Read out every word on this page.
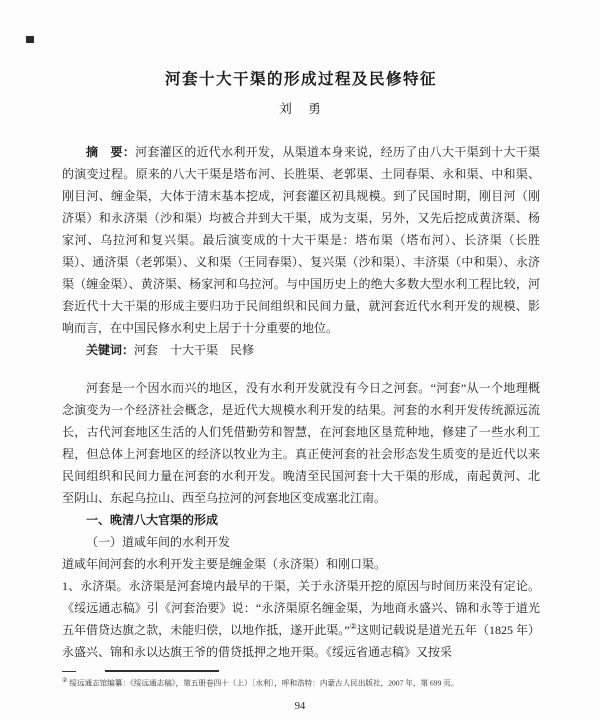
河套十大干渠的形成过程及民修特征
刘　勇

摘　要：河套灌区的近代水利开发，从渠道本身来说，经历了由八大干渠到十大干渠的演变过程。原来的八大干渠是塔布河、长胜渠、老郭渠、土同春渠、永和渠、中和渠、刚目河、缠金渠，大体于清末基本挖成，河套灌区初具规模。到了民国时期，刚目河（刚济渠）和永济渠（沙和渠）均被合并到大干渠，成为支渠，另外，又先后挖成黄济渠、杨家河、乌拉河和复兴渠。最后演变成的十大干渠是：塔布渠（塔布河）、长济渠（长胜渠）、通济渠（老郭渠）、义和渠（王同春渠）、复兴渠（沙和渠）、丰济渠（中和渠）、永济渠（缠金渠）、黄济渠、杨家河和乌拉河。与中国历史上的绝大多数大型水利工程比较，河套近代十大干渠的形成主要归功于民间组织和民间力量，就河套近代水利开发的规模、影响而言，在中国民修水利史上居于十分重要的地位。

关键词：河套　十大干渠　民修

河套是一个因水而兴的地区，没有水利开发就没有今日之河套。“河套”从一个地理概念演变为一个经济社会概念，是近代大规模水利开发的结果。河套的水利开发传统源远流长，古代河套地区生活的人们凭借勤劳和智慧，在河套地区垦荒种地，修建了一些水利工程，但总体上河套地区的经济以牧业为主。真正使河套的社会形态发生质变的是近代以来民间组织和民间力量在河套的水利开发。晚清至民国河套十大干渠的形成，南起黄河、北至阴山、东起乌拉山、西至乌拉河的河套地区变成塞北江南。

一、晚清八大官渠的形成

（一）道咸年间的水利开发

道咸年间河套的水利开发主要是缠金渠（永济渠）和刚口渠。

1、永济渠。永济渠是河套境内最早的干渠，关于永济渠开挖的原因与时间历来没有定论。《绥远通志稿》引《河套治要》说：“永济渠原名缠金渠，为地商永盛兴、锦和永等于道光五年借贷达旗之款，未能归偿，以地作抵，遂开此渠。”②这则记载说是道光五年（1825 年）永盛兴、锦和永以达旗王爷的借贷抵押之地开渠。《绥远省通志稿》又按采

② 绥远通志馆编纂：《绥远通志稿》，第五册卷四十（上）〔水利〕，呼和浩特：内蒙古人民出版社，2007 年，第 699 页。

94
